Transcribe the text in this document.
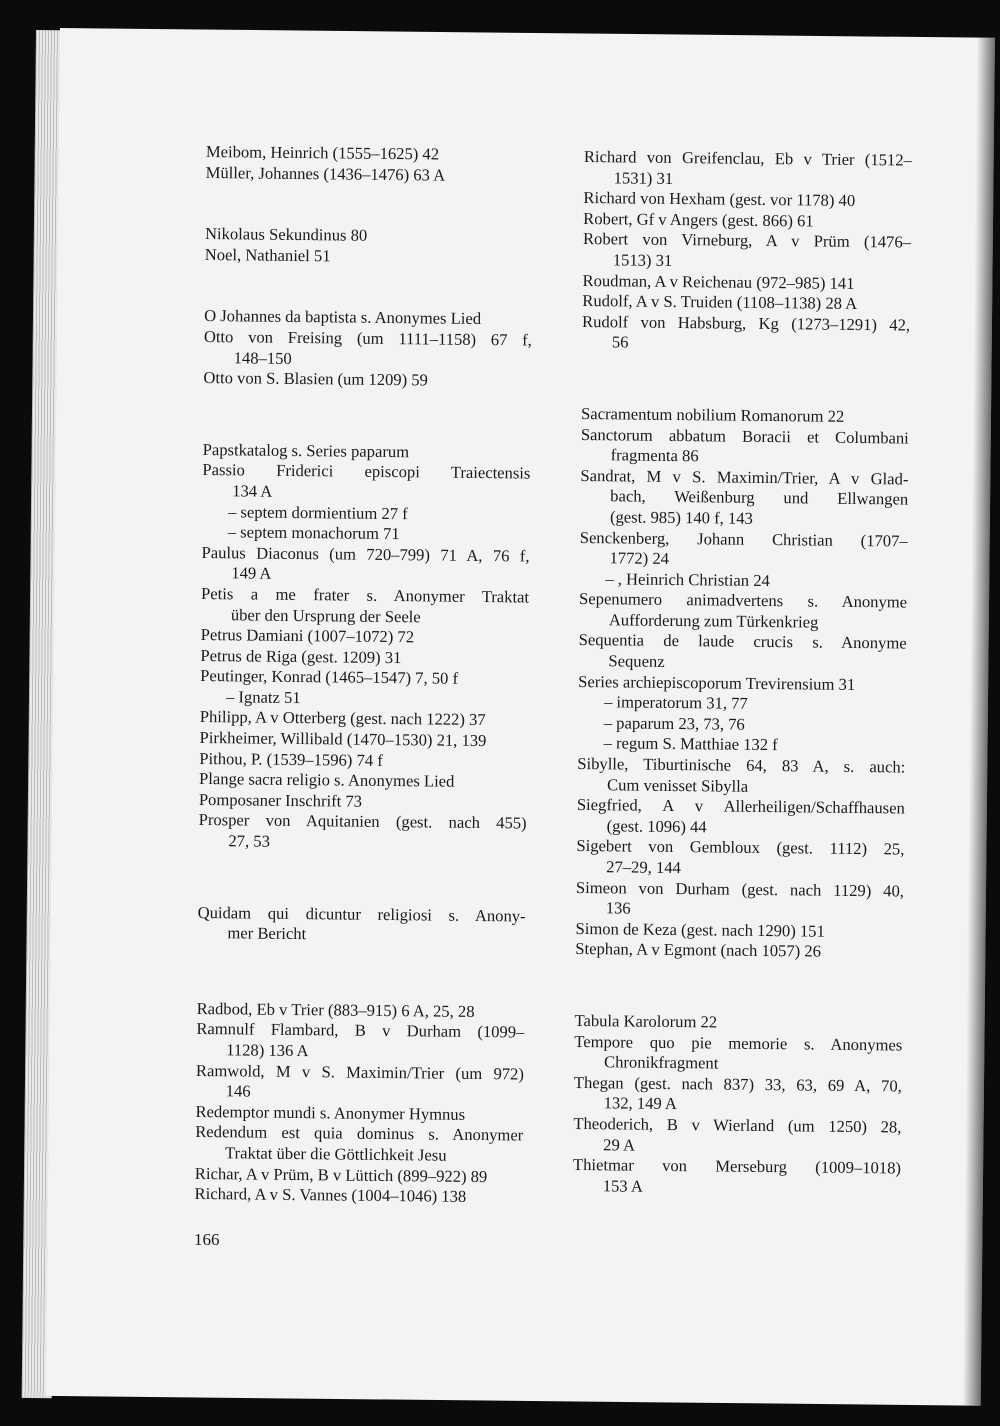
Meibom, Heinrich (1555–1625) 42
Müller, Johannes (1436–1476) 63 A
Nikolaus Sekundinus 80
Noel, Nathaniel 51
O Johannes da baptista s. Anonymes Lied
Otto von Freising (um 1111–1158) 67 f,
148–150
Otto von S. Blasien (um 1209) 59
Papstkatalog s. Series paparum
Passio Friderici episcopi Traiectensis
134 A
– septem dormientium 27 f
– septem monachorum 71
Paulus Diaconus (um 720–799) 71 A, 76 f,
149 A
Petis a me frater s. Anonymer Traktat
über den Ursprung der Seele
Petrus Damiani (1007–1072) 72
Petrus de Riga (gest. 1209) 31
Peutinger, Konrad (1465–1547) 7, 50 f
– Ignatz 51
Philipp, A v Otterberg (gest. nach 1222) 37
Pirkheimer, Willibald (1470–1530) 21, 139
Pithou, P. (1539–1596) 74 f
Plange sacra religio s. Anonymes Lied
Pomposaner Inschrift 73
Prosper von Aquitanien (gest. nach 455)
27, 53
Quidam qui dicuntur religiosi s. Anony-
mer Bericht
Radbod, Eb v Trier (883–915) 6 A, 25, 28
Ramnulf Flambard, B v Durham (1099–
1128) 136 A
Ramwold, M v S. Maximin/Trier (um 972)
146
Redemptor mundi s. Anonymer Hymnus
Redendum est quia dominus s. Anonymer
Traktat über die Göttlichkeit Jesu
Richar, A v Prüm, B v Lüttich (899–922) 89
Richard, A v S. Vannes (1004–1046) 138
Richard von Greifenclau, Eb v Trier (1512–
1531) 31
Richard von Hexham (gest. vor 1178) 40
Robert, Gf v Angers (gest. 866) 61
Robert von Virneburg, A v Prüm (1476–
1513) 31
Roudman, A v Reichenau (972–985) 141
Rudolf, A v S. Truiden (1108–1138) 28 A
Rudolf von Habsburg, Kg (1273–1291) 42,
56
Sacramentum nobilium Romanorum 22
Sanctorum abbatum Boracii et Columbani
fragmenta 86
Sandrat, M v S. Maximin/Trier, A v Glad-
bach, Weißenburg und Ellwangen
(gest. 985) 140 f, 143
Senckenberg, Johann Christian (1707–
1772) 24
– , Heinrich Christian 24
Sepenumero animadvertens s. Anonyme
Aufforderung zum Türkenkrieg
Sequentia de laude crucis s. Anonyme
Sequenz
Series archiepiscoporum Trevirensium 31
– imperatorum 31, 77
– paparum 23, 73, 76
– regum S. Matthiae 132 f
Sibylle, Tiburtinische 64, 83 A, s. auch:
Cum venisset Sibylla
Siegfried, A v Allerheiligen/Schaffhausen
(gest. 1096) 44
Sigebert von Gembloux (gest. 1112) 25,
27–29, 144
Simeon von Durham (gest. nach 1129) 40,
136
Simon de Keza (gest. nach 1290) 151
Stephan, A v Egmont (nach 1057) 26
Tabula Karolorum 22
Tempore quo pie memorie s. Anonymes
Chronikfragment
Thegan (gest. nach 837) 33, 63, 69 A, 70,
132, 149 A
Theoderich, B v Wierland (um 1250) 28,
29 A
Thietmar von Merseburg (1009–1018)
153 A
166
